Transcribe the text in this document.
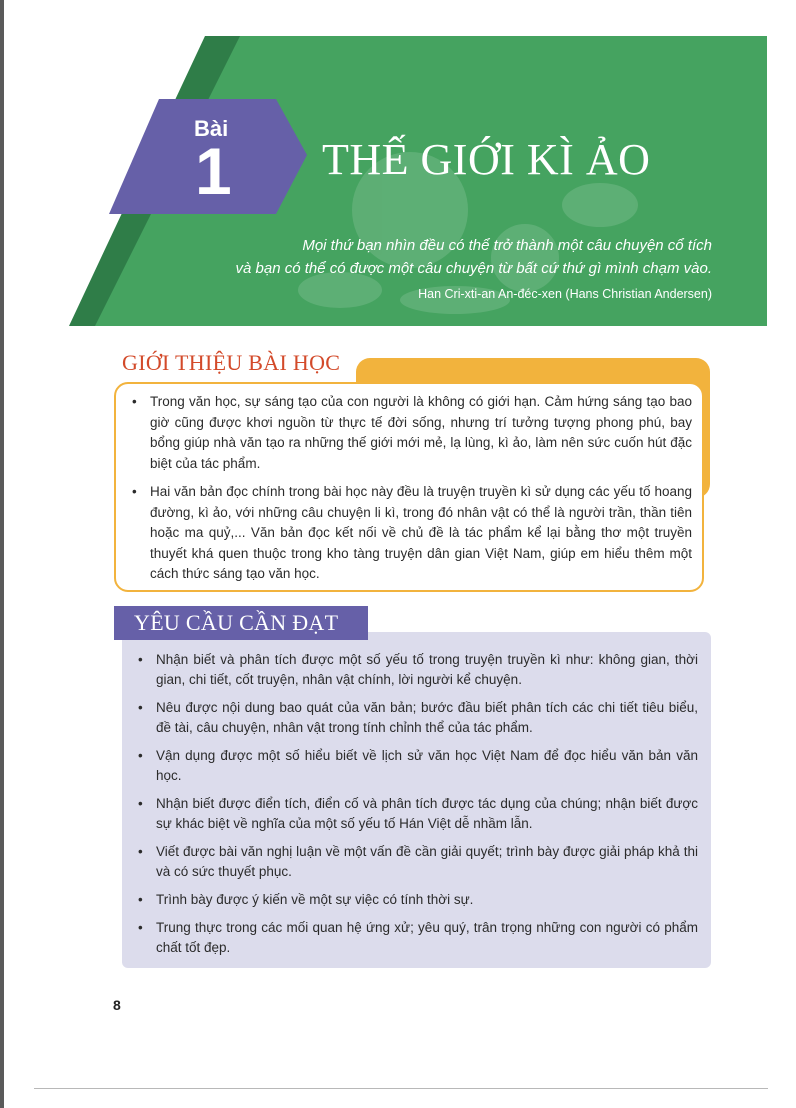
Bài
1 THẾ GIỚI KÌ ẢO
Mọi thứ bạn nhìn đều có thể trở thành một câu chuyện cổ tích
và bạn có thể có được một câu chuyện từ bất cứ thứ gì mình chạm vào.
Han Cri-xti-an An-đéc-xen (Hans Christian Andersen)
GIỚI THIỆU BÀI HỌC
• Trong văn học, sự sáng tạo của con người là không có giới hạn. Cảm hứng sáng tạo bao giờ cũng được khơi nguồn từ thực tế đời sống, nhưng trí tưởng tượng phong phú, bay bổng giúp nhà văn tạo ra những thế giới mới mẻ, lạ lùng, kì ảo, làm nên sức cuốn hút đặc biệt của tác phẩm.
• Hai văn bản đọc chính trong bài học này đều là truyện truyền kì sử dụng các yếu tố hoang đường, kì ảo, với những câu chuyện li kì, trong đó nhân vật có thể là người trần, thần tiên hoặc ma quỷ,... Văn bản đọc kết nối về chủ đề là tác phẩm kể lại bằng thơ một truyền thuyết khá quen thuộc trong kho tàng truyện dân gian Việt Nam, giúp em hiểu thêm một cách thức sáng tạo văn học.
YÊU CẦU CẦN ĐẠT
• Nhận biết và phân tích được một số yếu tố trong truyện truyền kì như: không gian, thời gian, chi tiết, cốt truyện, nhân vật chính, lời người kể chuyện.
• Nêu được nội dung bao quát của văn bản; bước đầu biết phân tích các chi tiết tiêu biểu, đề tài, câu chuyện, nhân vật trong tính chỉnh thể của tác phẩm.
• Vận dụng được một số hiểu biết về lịch sử văn học Việt Nam để đọc hiểu văn bản văn học.
• Nhận biết được điển tích, điển cố và phân tích được tác dụng của chúng; nhận biết được sự khác biệt về nghĩa của một số yếu tố Hán Việt dễ nhầm lẫn.
• Viết được bài văn nghị luận về một vấn đề cần giải quyết; trình bày được giải pháp khả thi và có sức thuyết phục.
• Trình bày được ý kiến về một sự việc có tính thời sự.
• Trung thực trong các mối quan hệ ứng xử; yêu quý, trân trọng những con người có phẩm chất tốt đẹp.
8
